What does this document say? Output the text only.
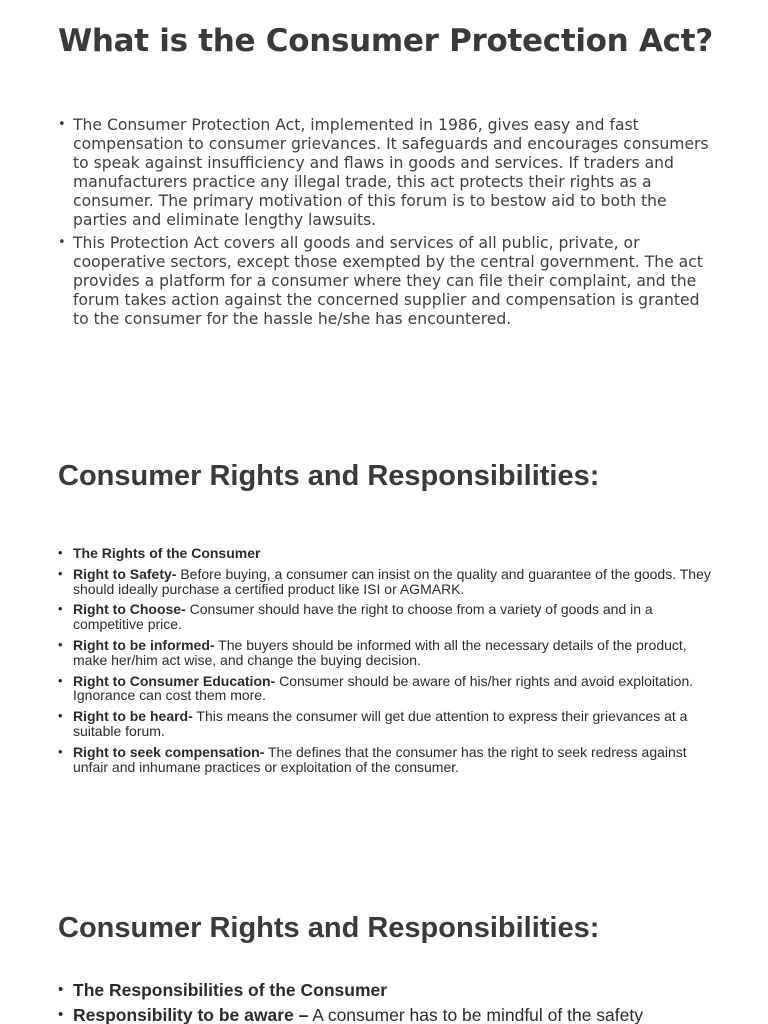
What is the Consumer Protection Act?
• The Consumer Protection Act, implemented in 1986, gives easy and fast compensation to consumer grievances. It safeguards and encourages consumers to speak against insufficiency and flaws in goods and services. If traders and manufacturers practice any illegal trade, this act protects their rights as a consumer. The primary motivation of this forum is to bestow aid to both the parties and eliminate lengthy lawsuits.
• This Protection Act covers all goods and services of all public, private, or cooperative sectors, except those exempted by the central government. The act provides a platform for a consumer where they can file their complaint, and the forum takes action against the concerned supplier and compensation is granted to the consumer for the hassle he/she has encountered.
Consumer Rights and Responsibilities:
• The Rights of the Consumer
• Right to Safety- Before buying, a consumer can insist on the quality and guarantee of the goods. They should ideally purchase a certified product like ISI or AGMARK.
• Right to Choose- Consumer should have the right to choose from a variety of goods and in a competitive price.
• Right to be informed- The buyers should be informed with all the necessary details of the product, make her/him act wise, and change the buying decision.
• Right to Consumer Education- Consumer should be aware of his/her rights and avoid exploitation. Ignorance can cost them more.
• Right to be heard- This means the consumer will get due attention to express their grievances at a suitable forum.
• Right to seek compensation- The defines that the consumer has the right to seek redress against unfair and inhumane practices or exploitation of the consumer.
Consumer Rights and Responsibilities:
• The Responsibilities of the Consumer
• Responsibility to be aware – A consumer has to be mindful of the safety
